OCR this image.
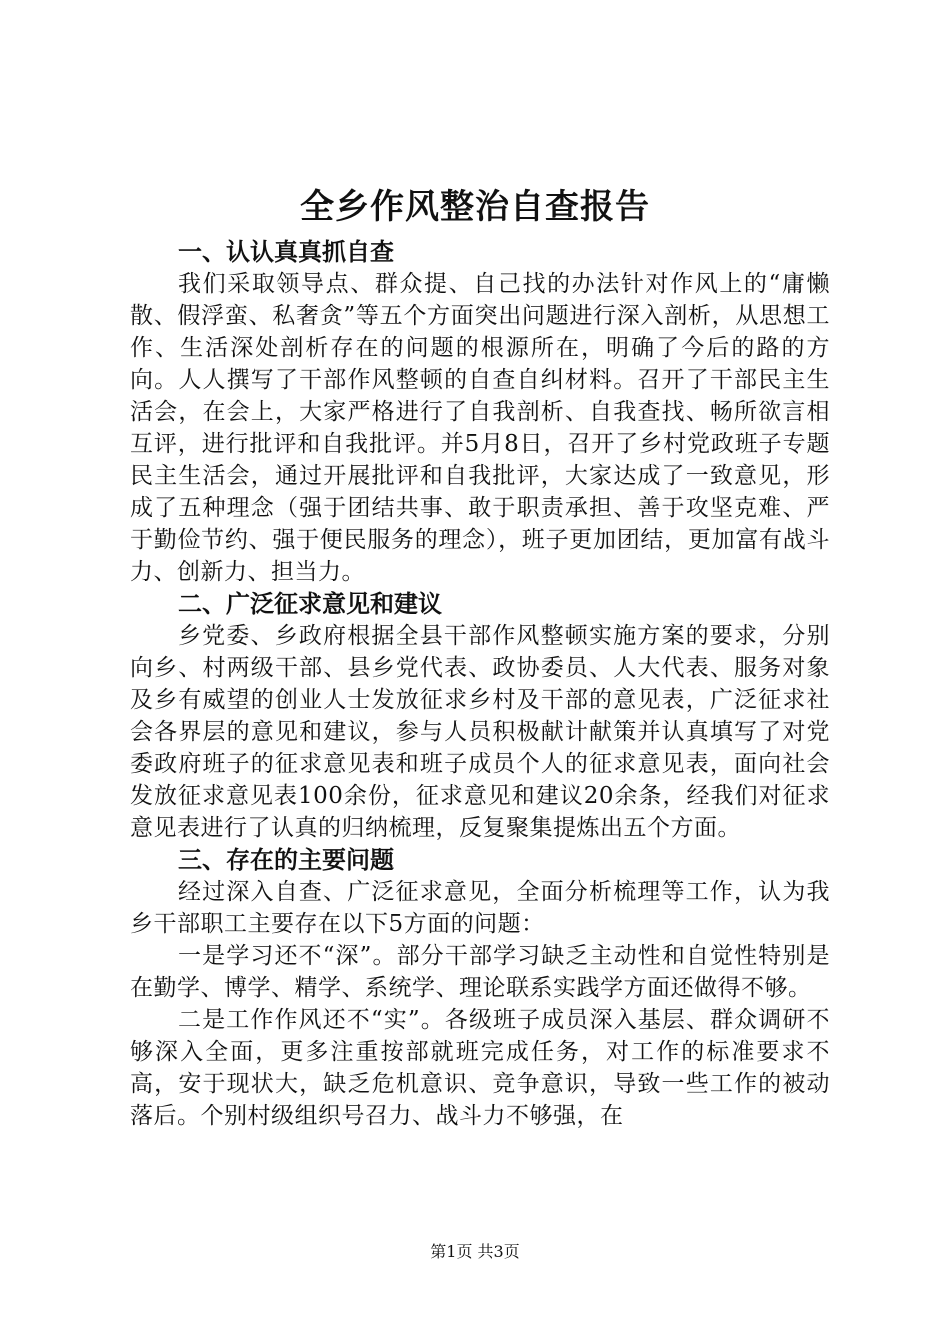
全乡作风整治自查报告
一、认认真真抓自查

我们采取领导点、群众提、自己找的办法针对作风上的“庸懒散、假浮蛮、私奢贪”等五个方面突出问题进行深入剖析，从思想工作、生活深处剖析存在的问题的根源所在，明确了今后的路的方向。人人撰写了干部作风整顿的自查自纠材料。召开了干部民主生活会，在会上，大家严格进行了自我剖析、自我查找、畅所欲言相互评，进行批评和自我批评。并5月8日，召开了乡村党政班子专题民主生活会，通过开展批评和自我批评，大家达成了一致意见，形成了五种理念（强于团结共事、敢于职责承担、善于攻坚克难、严于勤俭节约、强于便民服务的理念），班子更加团结，更加富有战斗力、创新力、担当力。

二、广泛征求意见和建议

乡党委、乡政府根据全县干部作风整顿实施方案的要求，分别向乡、村两级干部、县乡党代表、政协委员、人大代表、服务对象及乡有威望的创业人士发放征求乡村及干部的意见表，广泛征求社会各界层的意见和建议，参与人员积极献计献策并认真填写了对党委政府班子的征求意见表和班子成员个人的征求意见表，面向社会发放征求意见表100余份，征求意见和建议20余条，经我们对征求意见表进行了认真的归纳梳理，反复聚集提炼出五个方面。

三、存在的主要问题

经过深入自查、广泛征求意见，全面分析梳理等工作，认为我乡干部职工主要存在以下5方面的问题：

一是学习还不“深”。部分干部学习缺乏主动性和自觉性特别是在勤学、博学、精学、系统学、理论联系实践学方面还做得不够。

二是工作作风还不“实”。各级班子成员深入基层、群众调研不够深入全面，更多注重按部就班完成任务，对工作的标准要求不高，安于现状大，缺乏危机意识、竞争意识，导致一些工作的被动落后。个别村级组织号召力、战斗力不够强，在

第1页 共3页
